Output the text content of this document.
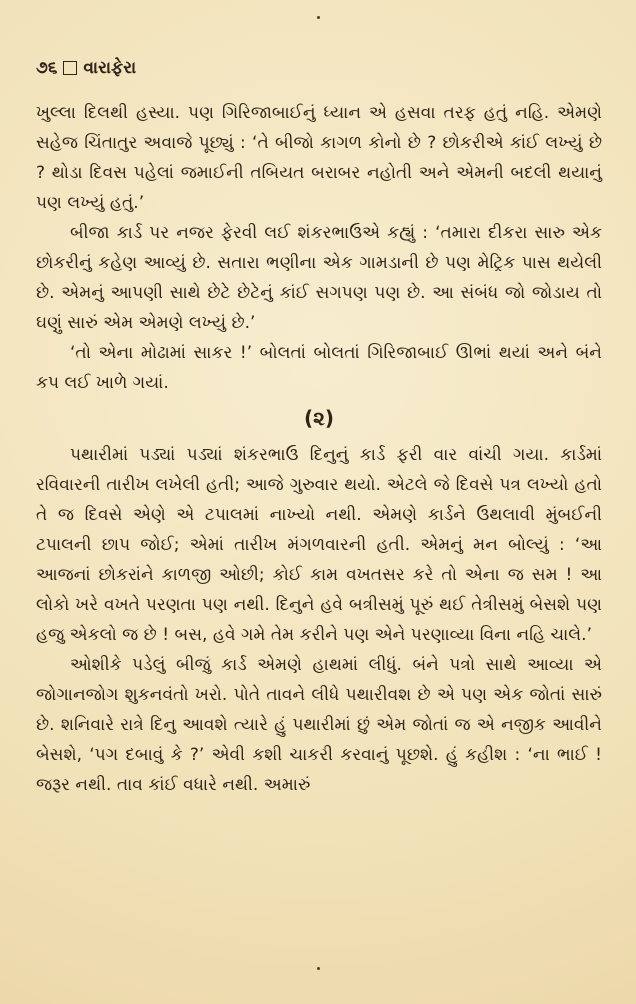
૭૬ વારાફેરા

ખુલ્લા દિલથી હસ્યા. પણ ગિરિજાબાઈનું ધ્યાન એ હસવા તરફ હતું નહિ. એમણે સહેજ ચિંતાતુર અવાજે પૂછ્યું : ‘તે બીજો કાગળ કોનો છે ? છોકરીએ કાંઈ લખ્યું છે ? થોડા દિવસ પહેલાં જમાઈની તબિયત બરાબર નહોતી અને એમની બદલી થયાનું પણ લખ્યું હતું.’

બીજા કાર્ડ પર નજર ફેરવી લઈ શંકરભાઉએ કહ્યું : ‘તમારા દીકરા સારુ એક છોકરીનું કહેણ આવ્યું છે. સતારા ભણીના એક ગામડાની છે પણ મેટ્રિક પાસ થયેલી છે. એમનું આપણી સાથે છેટે છેટેનું કાંઈ સગપણ પણ છે. આ સંબંધ જો જોડાય તો ઘણું સારું એમ એમણે લખ્યું છે.’

‘તો એના મોઢામાં સાકર !’ બોલતાં બોલતાં ગિરિજાબાઈ ઊભાં થયાં અને બંને કપ લઈ ખાળે ગયાં.

(૨)

પથારીમાં પડ્યાં પડ્યાં શંકરભાઉ દિનુનું કાર્ડ ફરી વાર વાંચી ગયા. કાર્ડમાં રવિવારની તારીખ લખેલી હતી; આજે ગુરુવાર થયો. એટલે જે દિવસે પત્ર લખ્યો હતો તે જ દિવસે એણે એ ટપાલમાં નાખ્યો નથી. એમણે કાર્ડને ઉથલાવી મુંબઈની ટપાલની છાપ જોઈ; એમાં તારીખ મંગળવારની હતી. એમનું મન બોલ્યું : ‘આ આજનાં છોકરાંને કાળજી ઓછી; કોઈ કામ વખતસર કરે તો એના જ સમ ! આ લોકો ખરે વખતે પરણતા પણ નથી. દિનુને હવે બત્રીસમું પૂરું થઈ તેત્રીસમું બેસશે પણ હજુ એકલો જ છે ! બસ, હવે ગમે તેમ કરીને પણ એને પરણાવ્યા વિના નહિ ચાલે.’

ઓશીકે પડેલું બીજું કાર્ડ એમણે હાથમાં લીધું. બંને પત્રો સાથે આવ્યા એ જોગાનજોગ શુકનવંતો ખરો. પોતે તાવને લીધે પથારીવશ છે એ પણ એક જોતાં સારું છે. શનિવારે રાત્રે દિનુ આવશે ત્યારે હું પથારીમાં છું એમ જોતાં જ એ નજીક આવીને બેસશે, ‘પગ દબાવું કે ?’ એવી કશી ચાકરી કરવાનું પૂછશે. હું કહીશ : ‘ના ભાઈ ! જરૂર નથી. તાવ કાંઈ વધારે નથી. અમારું
